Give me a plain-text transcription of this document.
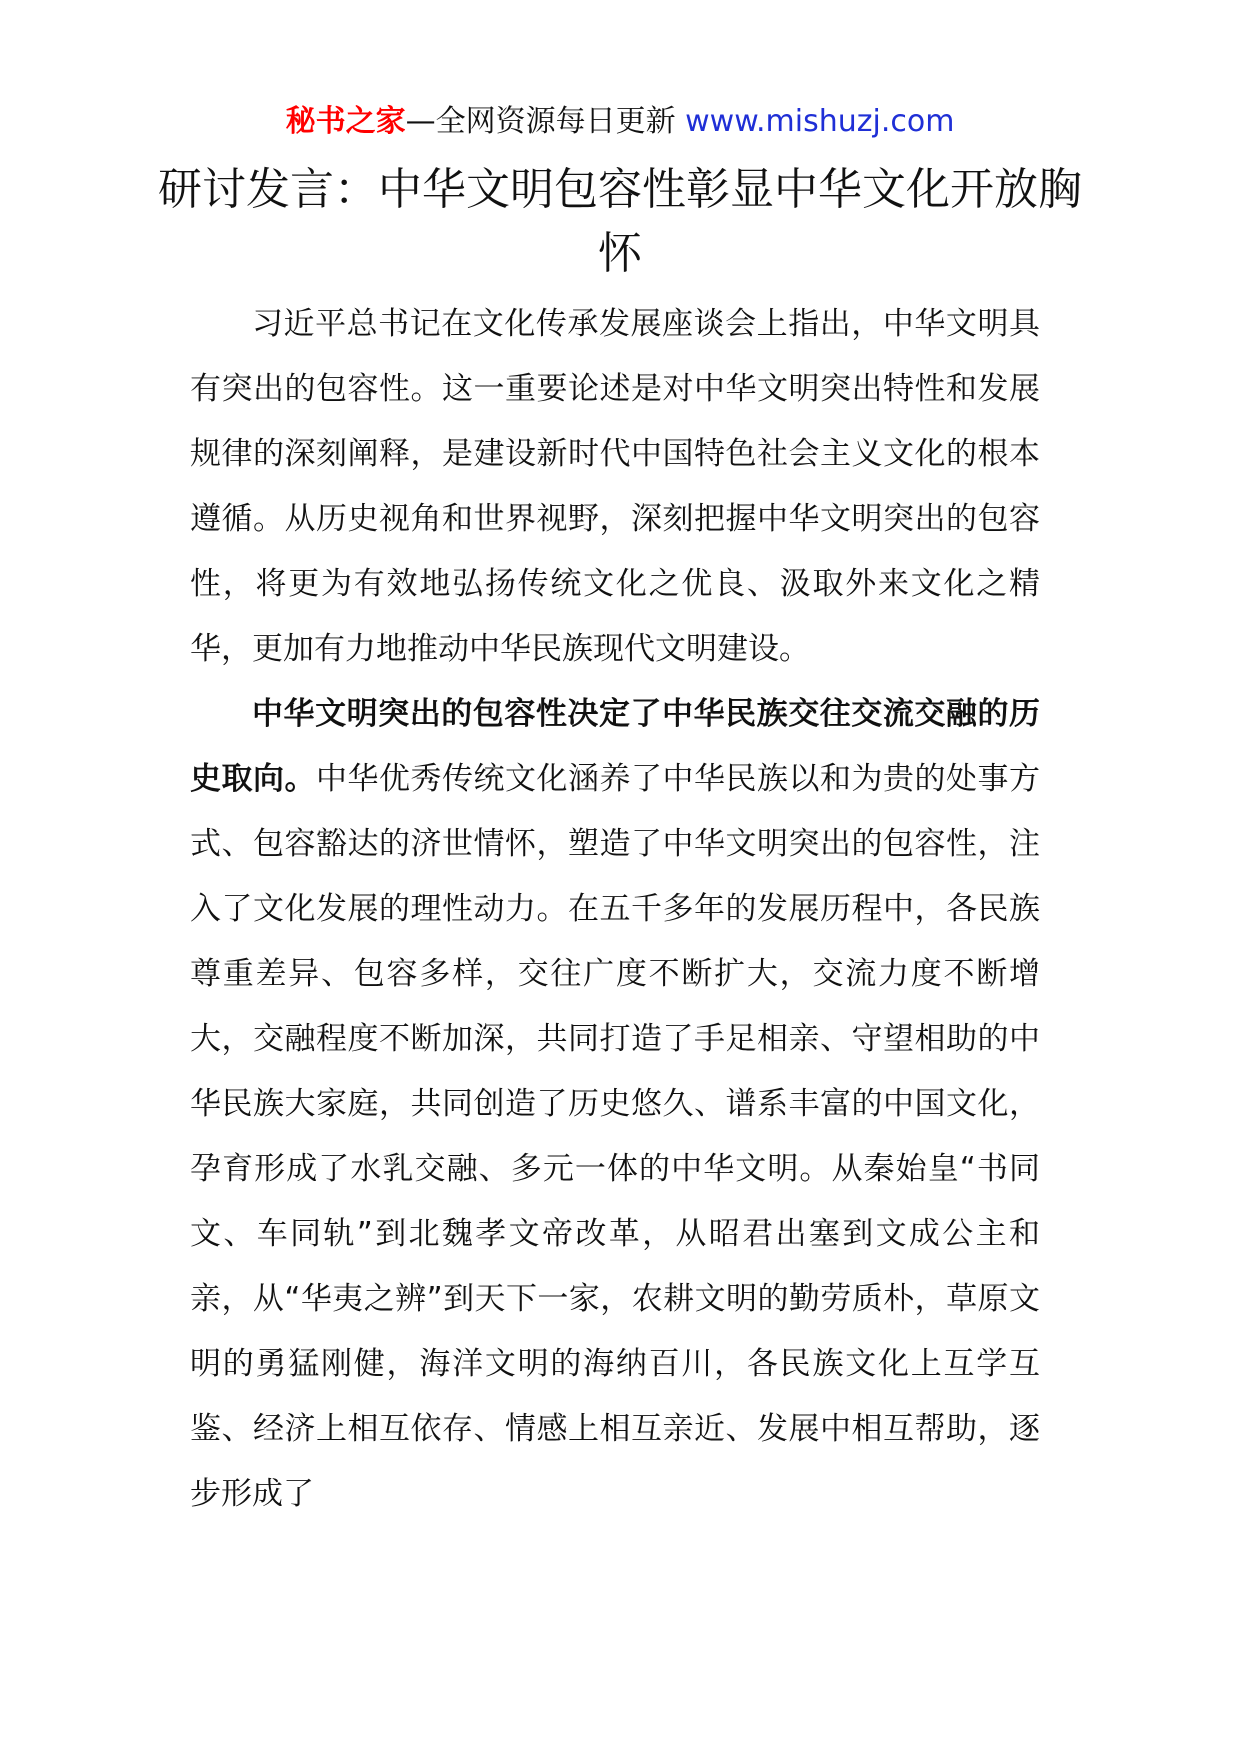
秘书之家—全网资源每日更新 www.mishuzj.com
研讨发言：中华文明包容性彰显中华文化开放胸怀

习近平总书记在文化传承发展座谈会上指出，中华文明具有突出的包容性。这一重要论述是对中华文明突出特性和发展规律的深刻阐释，是建设新时代中国特色社会主义文化的根本遵循。从历史视角和世界视野，深刻把握中华文明突出的包容性，将更为有效地弘扬传统文化之优良、汲取外来文化之精华，更加有力地推动中华民族现代文明建设。

中华文明突出的包容性决定了中华民族交往交流交融的历史取向。中华优秀传统文化涵养了中华民族以和为贵的处事方式、包容豁达的济世情怀，塑造了中华文明突出的包容性，注入了文化发展的理性动力。在五千多年的发展历程中，各民族尊重差异、包容多样，交往广度不断扩大，交流力度不断增大，交融程度不断加深，共同打造了手足相亲、守望相助的中华民族大家庭，共同创造了历史悠久、谱系丰富的中国文化，孕育形成了水乳交融、多元一体的中华文明。从秦始皇“书同文、车同轨”到北魏孝文帝改革，从昭君出塞到文成公主和亲，从“华夷之辨”到天下一家，农耕文明的勤劳质朴，草原文明的勇猛刚健，海洋文明的海纳百川，各民族文化上互学互鉴、经济上相互依存、情感上相互亲近、发展中相互帮助，逐步形成了
